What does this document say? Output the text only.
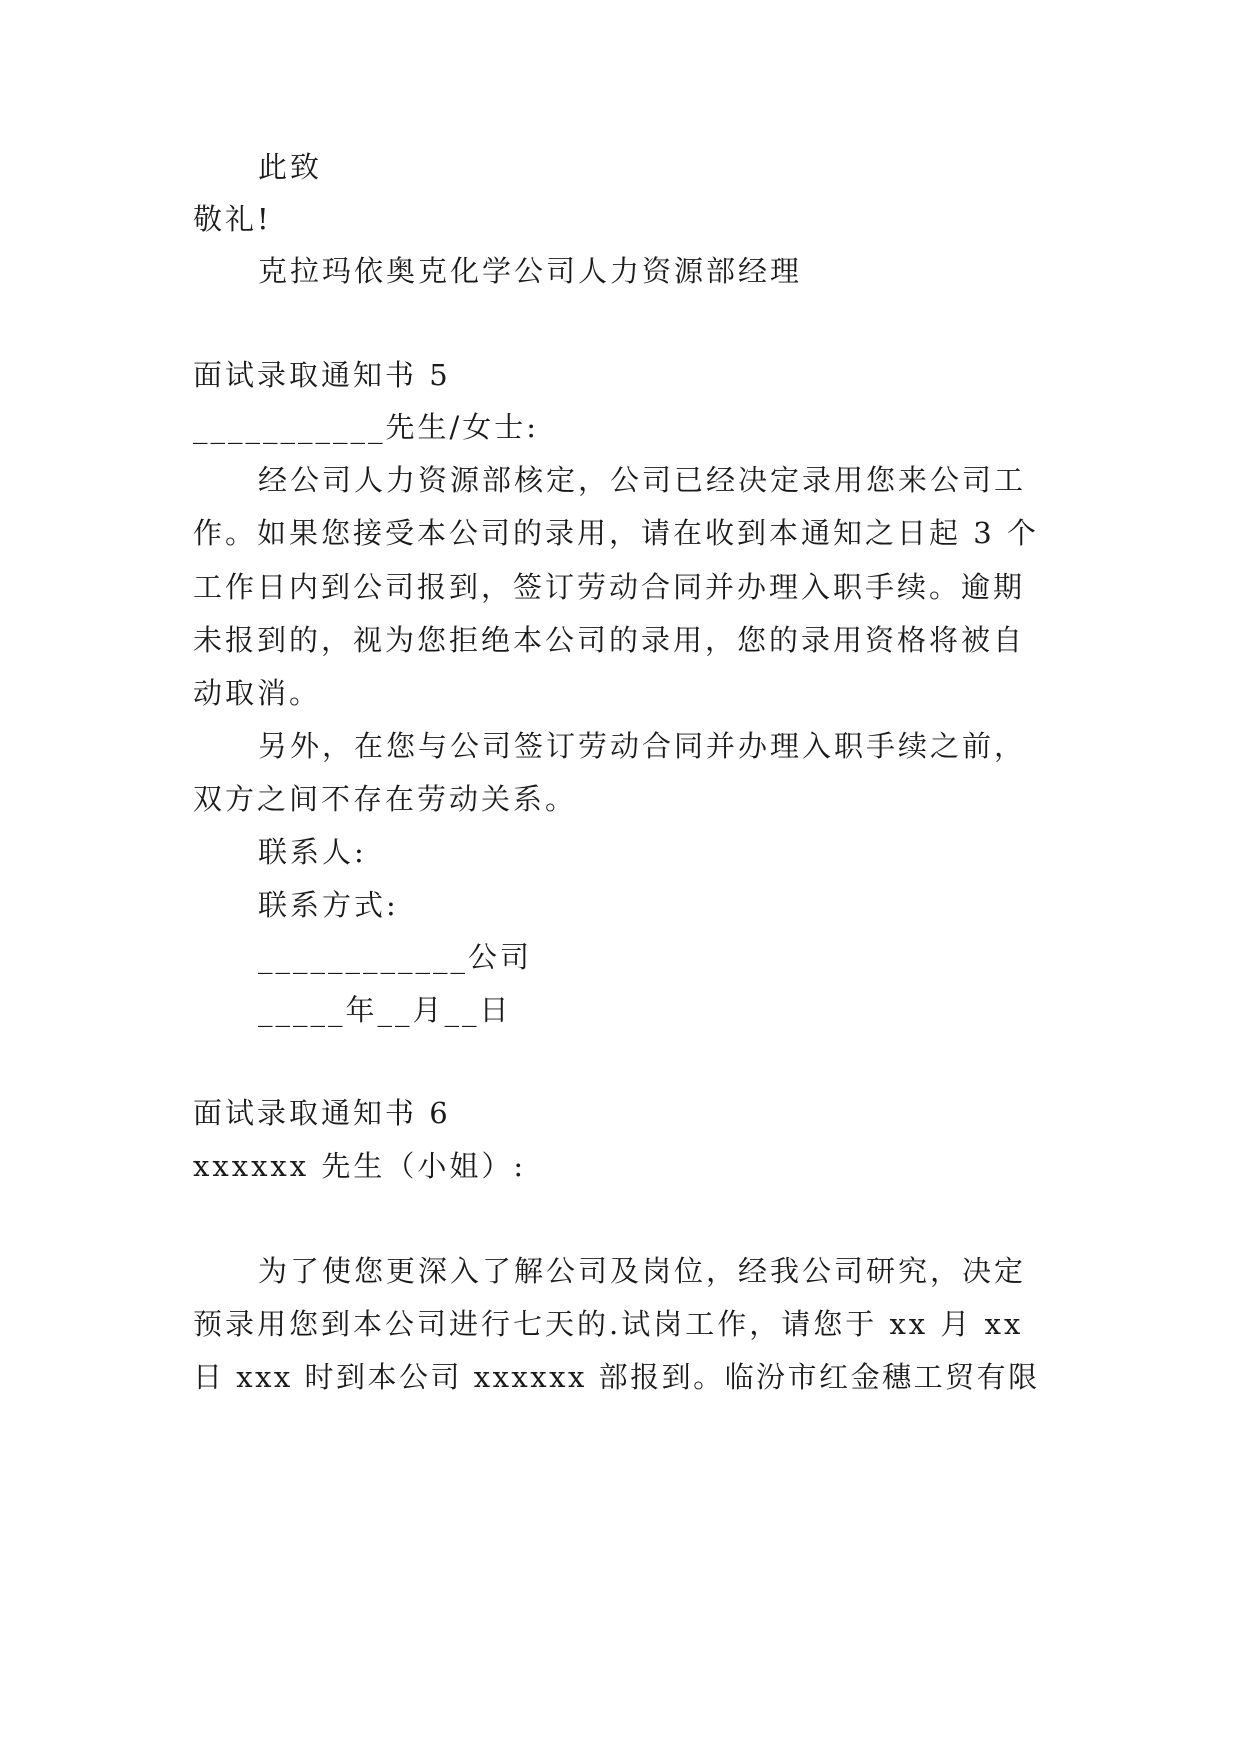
此致
敬礼!
克拉玛依奥克化学公司人力资源部经理
面试录取通知书 5
___________先生/女士:
经公司人力资源部核定，公司已经决定录用您来公司工
作。如果您接受本公司的录用，请在收到本通知之日起 3 个
工作日内到公司报到，签订劳动合同并办理入职手续。逾期
未报到的，视为您拒绝本公司的录用，您的录用资格将被自
动取消。
另外，在您与公司签订劳动合同并办理入职手续之前，
双方之间不存在劳动关系。
联系人:
联系方式:
____________公司
_____年__月__日
面试录取通知书 6
xxxxxx 先生（小姐）:
为了使您更深入了解公司及岗位，经我公司研究，决定
预录用您到本公司进行七天的.试岗工作，请您于 xx 月 xx
日 xxx 时到本公司 xxxxxx 部报到。临汾市红金穗工贸有限
